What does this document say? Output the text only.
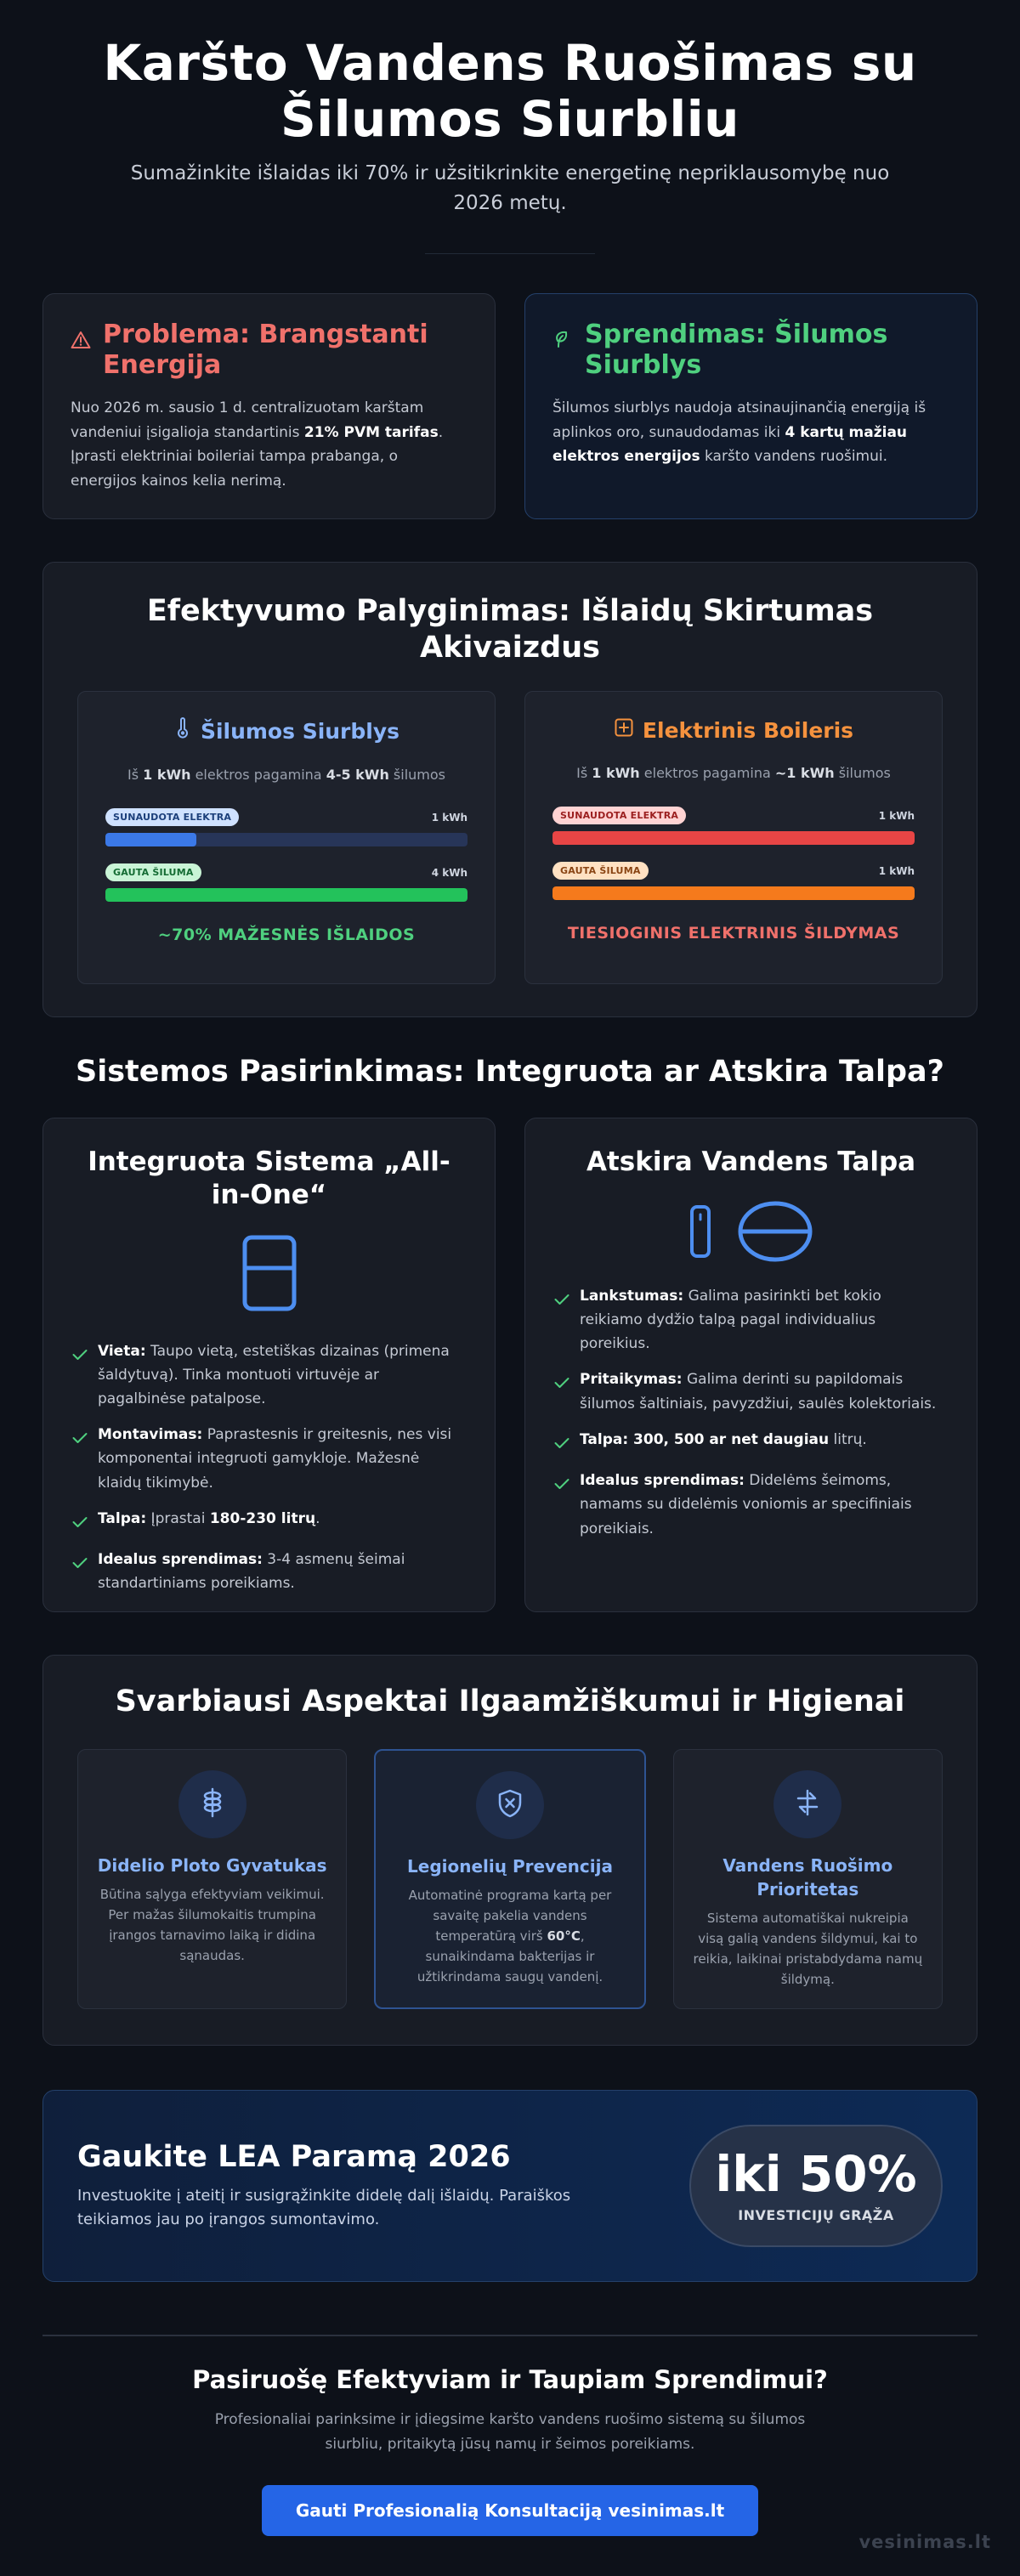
Karšto Vandens Ruošimas su Šilumos Siurbliu

Sumažinkite išlaidas iki 70% ir užsitikrinkite energetinę nepriklausomybę nuo 2026 metų.

Problema: Brangstanti Energija

Nuo 2026 m. sausio 1 d. centralizuotam karštam vandeniui įsigalioja standartinis 21% PVM tarifas. Įprasti elektriniai boileriai tampa prabanga, o energijos kainos kelia nerimą.

Sprendimas: Šilumos Siurblys

Šilumos siurblys naudoja atsinaujinančią energiją iš aplinkos oro, sunaudodamas iki 4 kartų mažiau elektros energijos karšto vandens ruošimui.

Efektyvumo Palyginimas: Išlaidų Skirtumas Akivaizdus
Šilumos Siurblys
Iš 1 kWh elektros pagamina 4-5 kWh šilumos
SUNAUDOTA ELEKTRA	1 kWh
GAUTA ŠILUMA	4 kWh
~70% MAŽESNĖS IŠLAIDOS
Elektrinis Boileris
Iš 1 kWh elektros pagamina ~1 kWh šilumos
SUNAUDOTA ELEKTRA	1 kWh
GAUTA ŠILUMA	1 kWh
TIESIOGINIS ELEKTRINIS ŠILDYMAS
Sistemos Pasirinkimas: Integruota ar Atskira Talpa?
Integruota Sistema „All-in-One“
Vieta: Taupo vietą, estetiškas dizainas (primena šaldytuvą). Tinka montuoti virtuvėje ar pagalbinėse patalpose.
Montavimas: Paprastesnis ir greitesnis, nes visi komponentai integruoti gamykloje. Mažesnė klaidų tikimybė.
Talpa: Įprastai 180-230 litrų.
Idealus sprendimas: 3-4 asmenų šeimai standartiniams poreikiams.
Atskira Vandens Talpa
Lankstumas: Galima pasirinkti bet kokio reikiamo dydžio talpą pagal individualius poreikius.
Pritaikymas: Galima derinti su papildomais šilumos šaltiniais, pavyzdžiui, saulės kolektoriais.
Talpa: 300, 500 ar net daugiau litrų.
Idealus sprendimas: Didelėms šeimoms, namams su didelėmis voniomis ar specifiniais poreikiais.
Svarbiausi Aspektai Ilgaamžiškumui ir Higienai
Didelio Ploto Gyvatukas

Būtina sąlyga efektyviam veikimui. Per mažas šilumokaitis trumpina įrangos tarnavimo laiką ir didina sąnaudas.

Legionelių Prevencija

Automatinė programa kartą per savaitę pakelia vandens temperatūrą virš 60°C, sunaikindama bakterijas ir užtikrindama saugų vandenį.

Vandens Ruošimo Prioritetas

Sistema automatiškai nukreipia visą galią vandens šildymui, kai to reikia, laikinai pristabdydama namų šildymą.

Gaukite LEA Paramą 2026

Investuokite į ateitį ir susigrąžinkite didelę dalį išlaidų. Paraiškos teikiamos jau po įrangos sumontavimo.

iki 50%
INVESTICIJŲ GRĄŽA
Pasiruošę Efektyviam ir Taupiam Sprendimui?

Profesionaliai parinksime ir įdiegsime karšto vandens ruošimo sistemą su šilumos siurbliu, pritaikytą jūsų namų ir šeimos poreikiams.

Gauti Profesionalią Konsultaciją vesinimas.lt
vesinimas.lt
